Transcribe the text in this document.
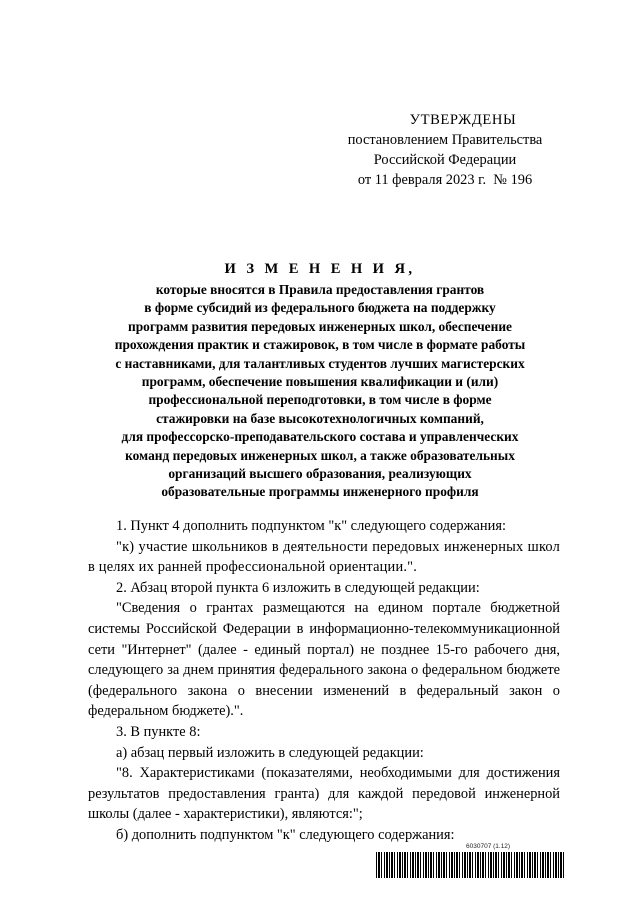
УТВЕРЖДЕНЫ
постановлением Правительства
Российской Федерации
от 11 февраля 2023 г.  № 196
И З М Е Н Е Н И Я,
которые вносятся в Правила предоставления грантов
в форме субсидий из федерального бюджета на поддержку
программ развития передовых инженерных школ, обеспечение
прохождения практик и стажировок, в том числе в формате работы
с наставниками, для талантливых студентов лучших магистерских
программ, обеспечение повышения квалификации и (или)
профессиональной переподготовки, в том числе в форме
стажировки на базе высокотехнологичных компаний,
для профессорско-преподавательского состава и управленческих
команд передовых инженерных школ, а также образовательных
организаций высшего образования, реализующих
образовательные программы инженерного профиля

1. Пункт 4 дополнить подпунктом "к" следующего содержания:

"к) участие школьников в деятельности передовых инженерных школ в целях их ранней профессиональной ориентации.".

2. Абзац второй пункта 6 изложить в следующей редакции:

"Сведения о грантах размещаются на едином портале бюджетной системы Российской Федерации в информационно-телекоммуникационной сети "Интернет" (далее - единый портал) не позднее 15-го рабочего дня, следующего за днем принятия федерального закона о федеральном бюджете (федерального закона о внесении изменений в федеральный закон о федеральном бюджете).".

3. В пункте 8:

а) абзац первый изложить в следующей редакции:

"8. Характеристиками (показателями, необходимыми для достижения результатов предоставления гранта) для каждой передовой инженерной школы (далее - характеристики), являются:";

б) дополнить подпунктом "к" следующего содержания:

6030707 (1.12)
